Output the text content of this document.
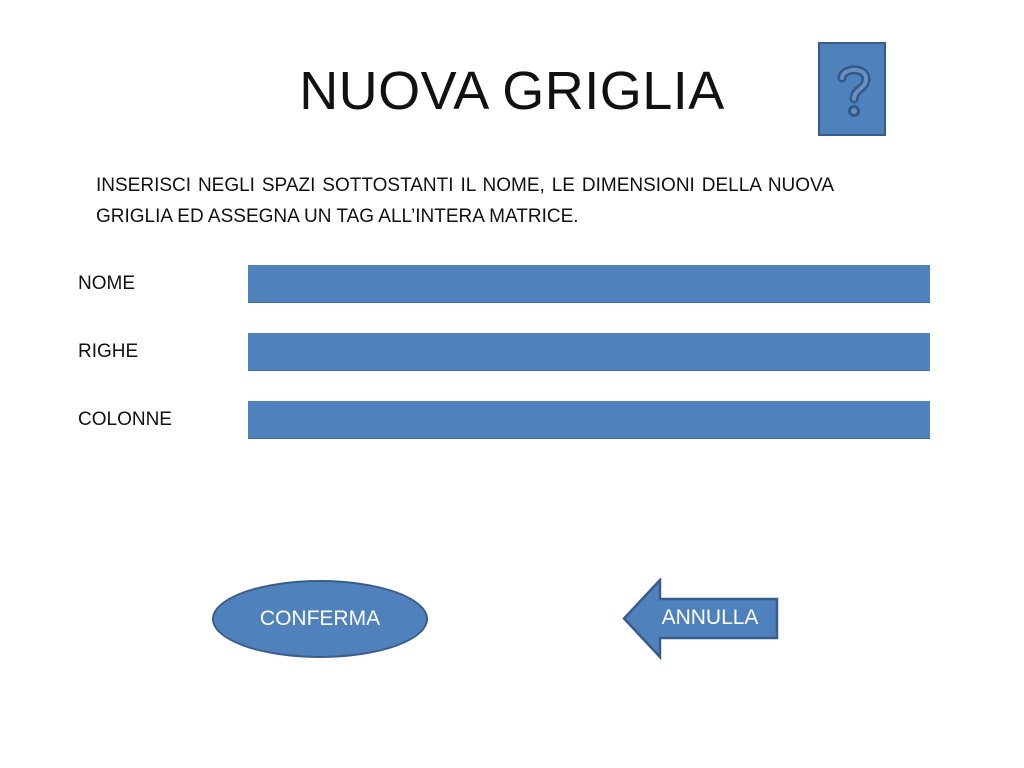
NUOVA GRIGLIA

INSERISCI NEGLI SPAZI SOTTOSTANTI IL NOME, LE DIMENSIONI DELLA NUOVA GRIGLIA ED ASSEGNA UN TAG ALL’INTERA MATRICE.

NOME
RIGHE
COLONNE
CONFERMA	ANNULLA
